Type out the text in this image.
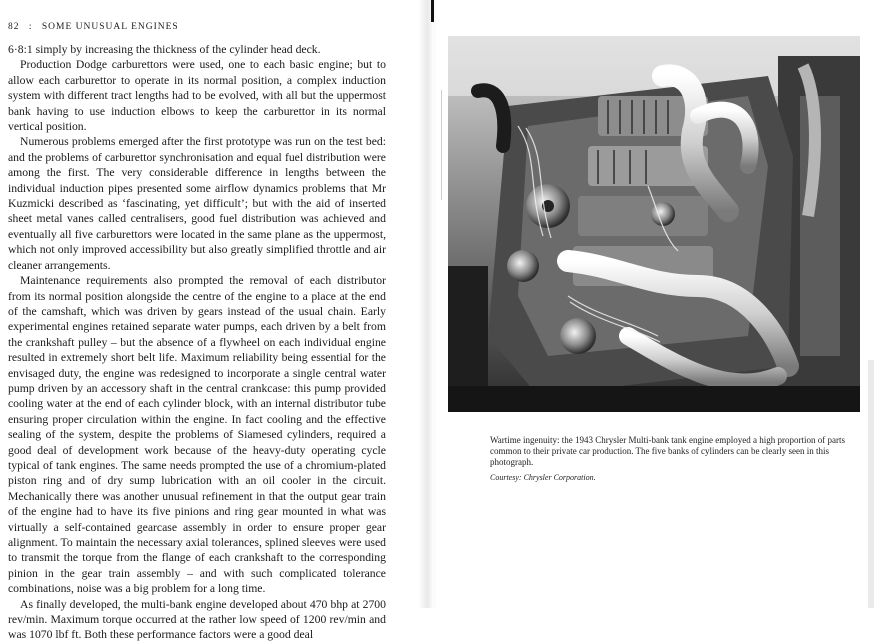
82 : SOME UNUSUAL ENGINES

6·8:1 simply by increasing the thickness of the cylinder head deck.

Production Dodge carburettors were used, one to each basic engine; but to allow each carburettor to operate in its normal position, a complex induction system with different tract lengths had to be evolved, with all but the uppermost bank having to use induction elbows to keep the carburettor in its normal vertical position.

Numerous problems emerged after the first prototype was run on the test bed: and the problems of carburettor synchronisation and equal fuel distribution were among the first. The very considerable difference in lengths between the individual induction pipes presented some airflow dynamics problems that Mr Kuzmicki described as ‘fascinating, yet difficult’; but with the aid of inserted sheet metal vanes called centralisers, good fuel distribution was achieved and eventually all five carburettors were located in the same plane as the uppermost, which not only improved accessibility but also greatly simplified throttle and air cleaner arrangements.

Maintenance requirements also prompted the removal of each distributor from its normal position alongside the centre of the engine to a place at the end of the camshaft, which was driven by gears instead of the usual chain. Early experimental engines retained separate water pumps, each driven by a belt from the crankshaft pulley – but the absence of a flywheel on each individual engine resulted in extremely short belt life. Maximum reliability being essential for the envisaged duty, the engine was redesigned to incorporate a single central water pump driven by an accessory shaft in the central crankcase: this pump provided cooling water at the end of each cylinder block, with an internal distributor tube ensuring proper circulation within the engine. In fact cooling and the effective sealing of the system, despite the problems of Siamesed cylinders, required a good deal of development work because of the heavy-duty operating cycle typical of tank engines. The same needs prompted the use of a chromium-plated piston ring and of dry sump lubrication with an oil cooler in the circuit. Mechanically there was another unusual refinement in that the output gear train of the engine had to have its five pinions and ring gear mounted in what was virtually a self-contained gearcase assembly in order to ensure proper gear alignment. To maintain the necessary axial tolerances, splined sleeves were used to transmit the torque from the flange of each crankshaft to the corresponding pinion in the gear train assembly – and with such complicated tolerance combinations, noise was a big problem for a long time.

As finally developed, the multi-bank engine developed about 470 bhp at 2700 rev/min. Maximum torque occurred at the rather low speed of 1200 rev/min and was 1070 lbf ft. Both these performance factors were a good deal

Wartime ingenuity: the 1943 Chrysler Multi-bank tank engine employed a high proportion of parts common to their private car production. The five banks of cylinders can be clearly seen in this photograph.

Courtesy: Chrysler Corporation.
